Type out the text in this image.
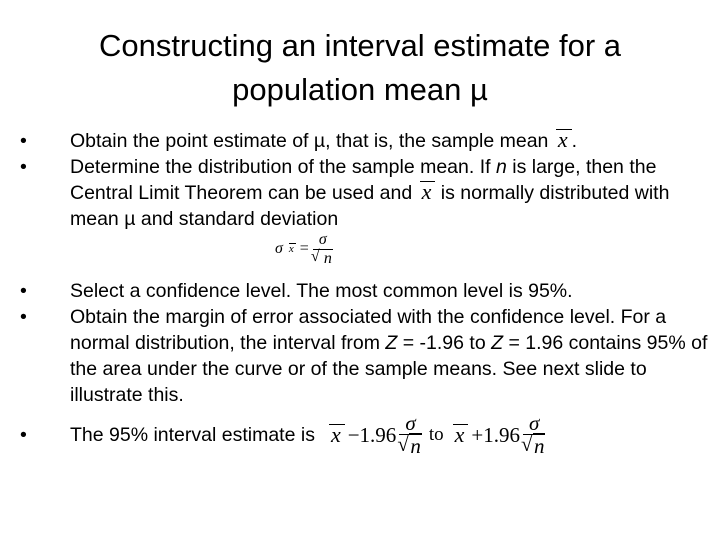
Constructing an interval estimate for a
population mean µ
•	Obtain the point estimate of µ, that is, the sample mean x .
•	Determine the distribution of the sample mean. If n is large, then the Central Limit Theorem can be used and x is normally distributed with mean µ and standard deviation
σ x = σ
√ n
•	Select a confidence level. The most common level is 95%.
•	Obtain the margin of error associated with the confidence level. For a normal distribution, the interval from Z = -1.96 to Z = 1.96 contains 95% of the area under the curve or of the sample means. See next slide to illustrate this.
•	The 95% interval estimate is x −1.96 σ
√ n to x +1.96 σ
√ n
